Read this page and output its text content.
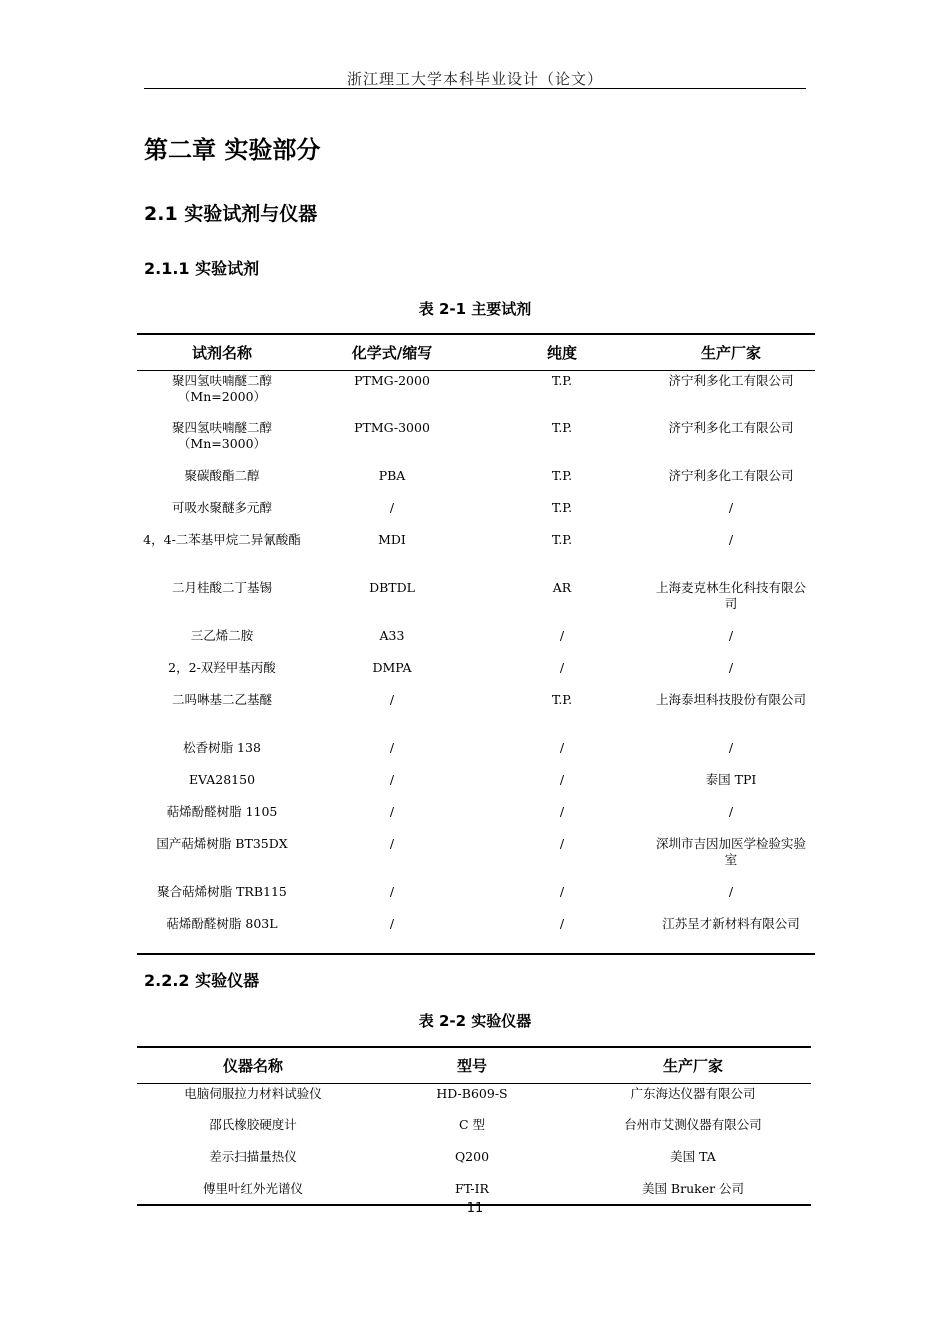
浙江理工大学本科毕业设计（论文）
第二章 实验部分
2.1 实验试剂与仪器
2.1.1 实验试剂
表 2-1 主要试剂
试剂名称	化学式/缩写	纯度	生产厂家

聚四氢呋喃醚二醇
（Mn=2000）	PTMG-2000	T.P.	济宁利多化工有限公司

聚四氢呋喃醚二醇
（Mn=3000）	PTMG-3000	T.P.	济宁利多化工有限公司

聚碳酸酯二醇	PBA	T.P.	济宁利多化工有限公司

可吸水聚醚多元醇	/	T.P.	/

4，4-二苯基甲烷二异氰酸酯	MDI	T.P.	/

二月桂酸二丁基锡	DBTDL	AR	上海麦克林生化科技有限公司

三乙烯二胺	A33	/	/

2，2-双羟甲基丙酸	DMPA	/	/

二吗啉基二乙基醚	/	T.P.	上海泰坦科技股份有限公司

松香树脂 138	/	/	/

EVA28150	/	/	泰国 TPI

萜烯酚醛树脂 1105	/	/	/

国产萜烯树脂 BT35DX	/	/	深圳市吉因加医学检验实验室

聚合萜烯树脂 TRB115	/	/	/

萜烯酚醛树脂 803L	/	/	江苏呈才新材料有限公司
2.2.2 实验仪器
表 2-2 实验仪器
仪器名称	型号	生产厂家
电脑伺服拉力材料试验仪	HD-B609-S	广东海达仪器有限公司
邵氏橡胶硬度计	C 型	台州市艾测仪器有限公司
差示扫描量热仪	Q200	美国 TA
傅里叶红外光谱仪	FT-IR	美国 Bruker 公司
11
